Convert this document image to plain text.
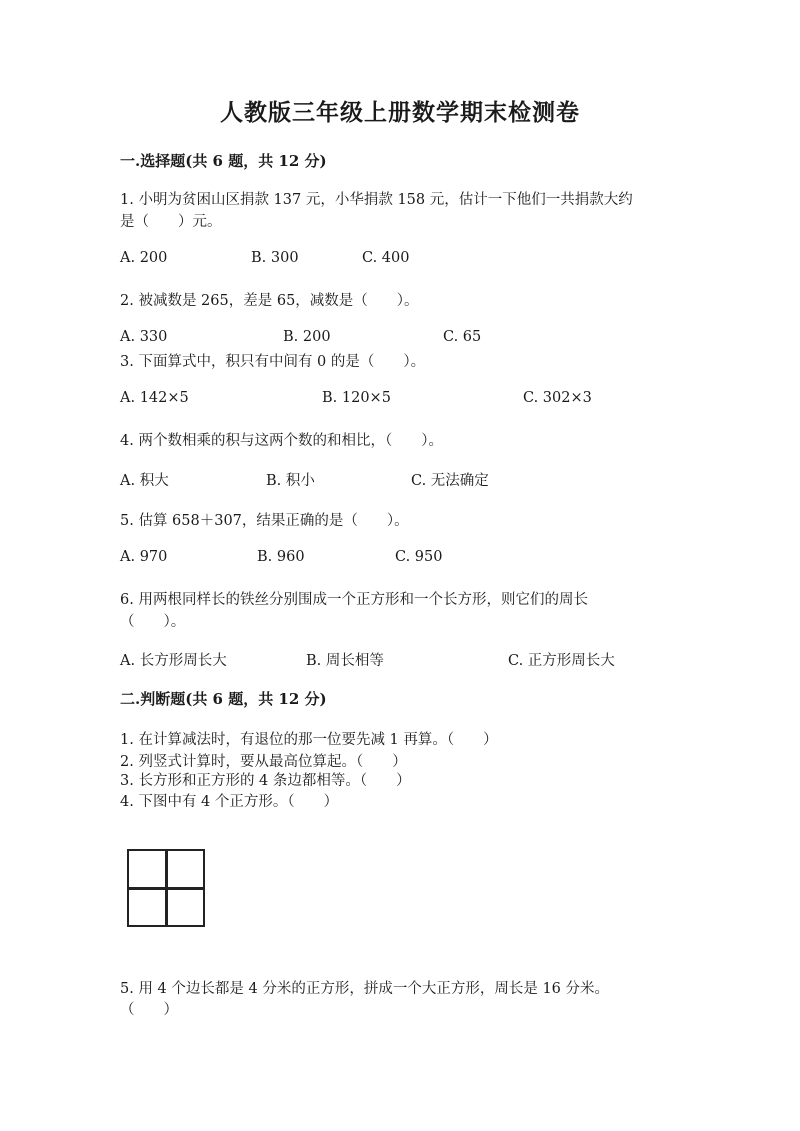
人教版三年级上册数学期末检测卷
一.选择题(共 6 题，共 12 分)
1. 小明为贫困山区捐款 137 元，小华捐款 158 元，估计一下他们一共捐款大约
是（　　）元。
A. 200	B. 300	C. 400
2. 被减数是 265，差是 65，减数是（　　）。
A. 330	B. 200	C. 65
3. 下面算式中，积只有中间有 0 的是（　　）。
A. 142×5	B. 120×5	C. 302×3
4. 两个数相乘的积与这两个数的和相比，（　　）。
A. 积大	B. 积小	C. 无法确定
5. 估算 658＋307，结果正确的是（　　）。
A. 970	B. 960	C. 950
6. 用两根同样长的铁丝分别围成一个正方形和一个长方形，则它们的周长
（　　）。
A. 长方形周长大	B. 周长相等	C. 正方形周长大
二.判断题(共 6 题，共 12 分)
1. 在计算减法时，有退位的那一位要先减 1 再算。（　　）
2. 列竖式计算时，要从最高位算起。（　　）
3. 长方形和正方形的 4 条边都相等。（　　）
4. 下图中有 4 个正方形。（　　）
5. 用 4 个边长都是 4 分米的正方形，拼成一个大正方形，周长是 16 分米。
（　　）
